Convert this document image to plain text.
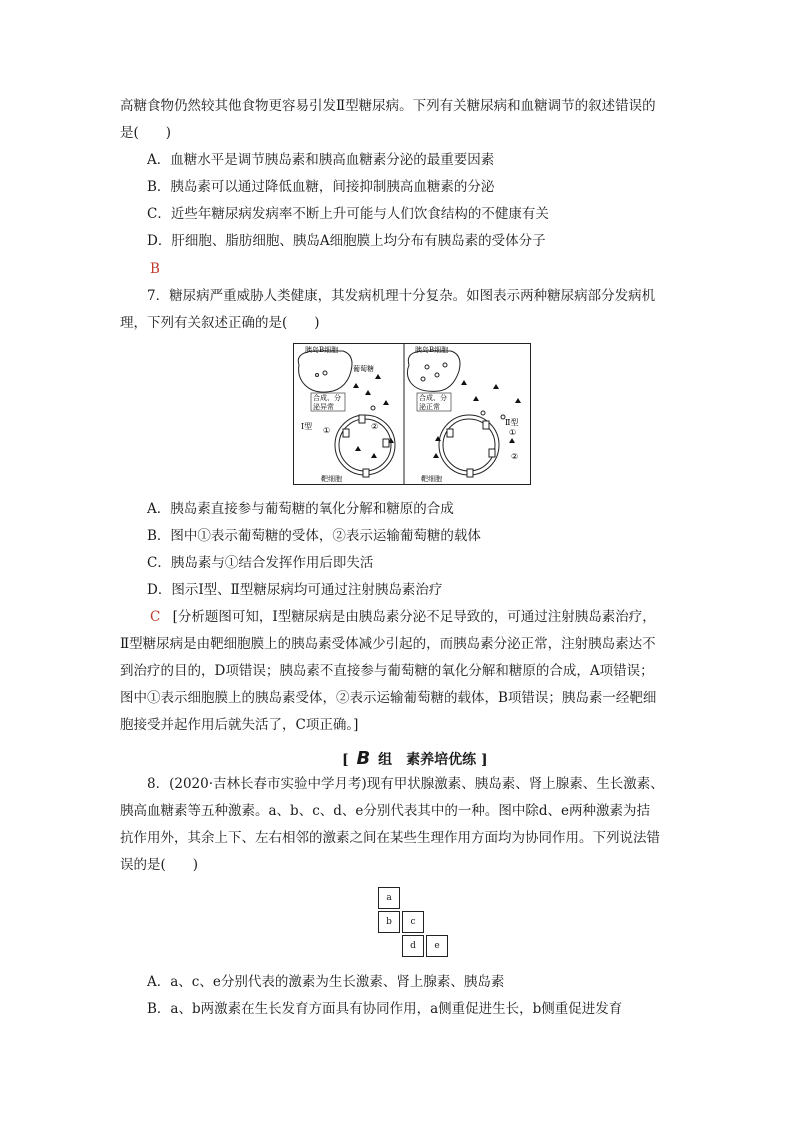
高糖食物仍然较其他食物更容易引发Ⅱ型糖尿病。下列有关糖尿病和血糖调节的叙述错误的
是(　　)
A．血糖水平是调节胰岛素和胰高血糖素分泌的最重要因素
B．胰岛素可以通过降低血糖，间接抑制胰高血糖素的分泌
C．近些年糖尿病发病率不断上升可能与人们饮食结构的不健康有关
D．肝细胞、脂肪细胞、胰岛A细胞膜上均分布有胰岛素的受体分子
B
7．糖尿病严重威胁人类健康，其发病机理十分复杂。如图表示两种糖尿病部分发病机
理，下列有关叙述正确的是(　　)
胰岛B细胞
葡萄糖
合成、分
泌异常
Ⅰ型 ①	②
靶细胞
胰岛B细胞
合成、分
泌正常
Ⅱ型
①
②
靶细胞
A．胰岛素直接参与葡萄糖的氧化分解和糖原的合成
B．图中①表示葡萄糖的受体，②表示运输葡萄糖的载体
C．胰岛素与①结合发挥作用后即失活
D．图示Ⅰ型、Ⅱ型糖尿病均可通过注射胰岛素治疗
C [分析题图可知，Ⅰ型糖尿病是由胰岛素分泌不足导致的，可通过注射胰岛素治疗，
Ⅱ型糖尿病是由靶细胞膜上的胰岛素受体减少引起的，而胰岛素分泌正常，注射胰岛素达不
到治疗的目的，D项错误；胰岛素不直接参与葡萄糖的氧化分解和糖原的合成，A项错误；
图中①表示细胞膜上的胰岛素受体，②表示运输葡萄糖的载体，B项错误；胰岛素一经靶细
胞接受并起作用后就失活了，C项正确。]
[ B 组　素养培优练 ]
8．(2020·吉林长春市实验中学月考)现有甲状腺激素、胰岛素、肾上腺素、生长激素、
胰高血糖素等五种激素。a、b、c、d、e分别代表其中的一种。图中除d、e两种激素为拮
抗作用外，其余上下、左右相邻的激素之间在某些生理作用方面均为协同作用。下列说法错
误的是(　　)
a
b	c
d	e
A．a、c、e分别代表的激素为生长激素、肾上腺素、胰岛素
B．a、b两激素在生长发育方面具有协同作用，a侧重促进生长，b侧重促进发育
